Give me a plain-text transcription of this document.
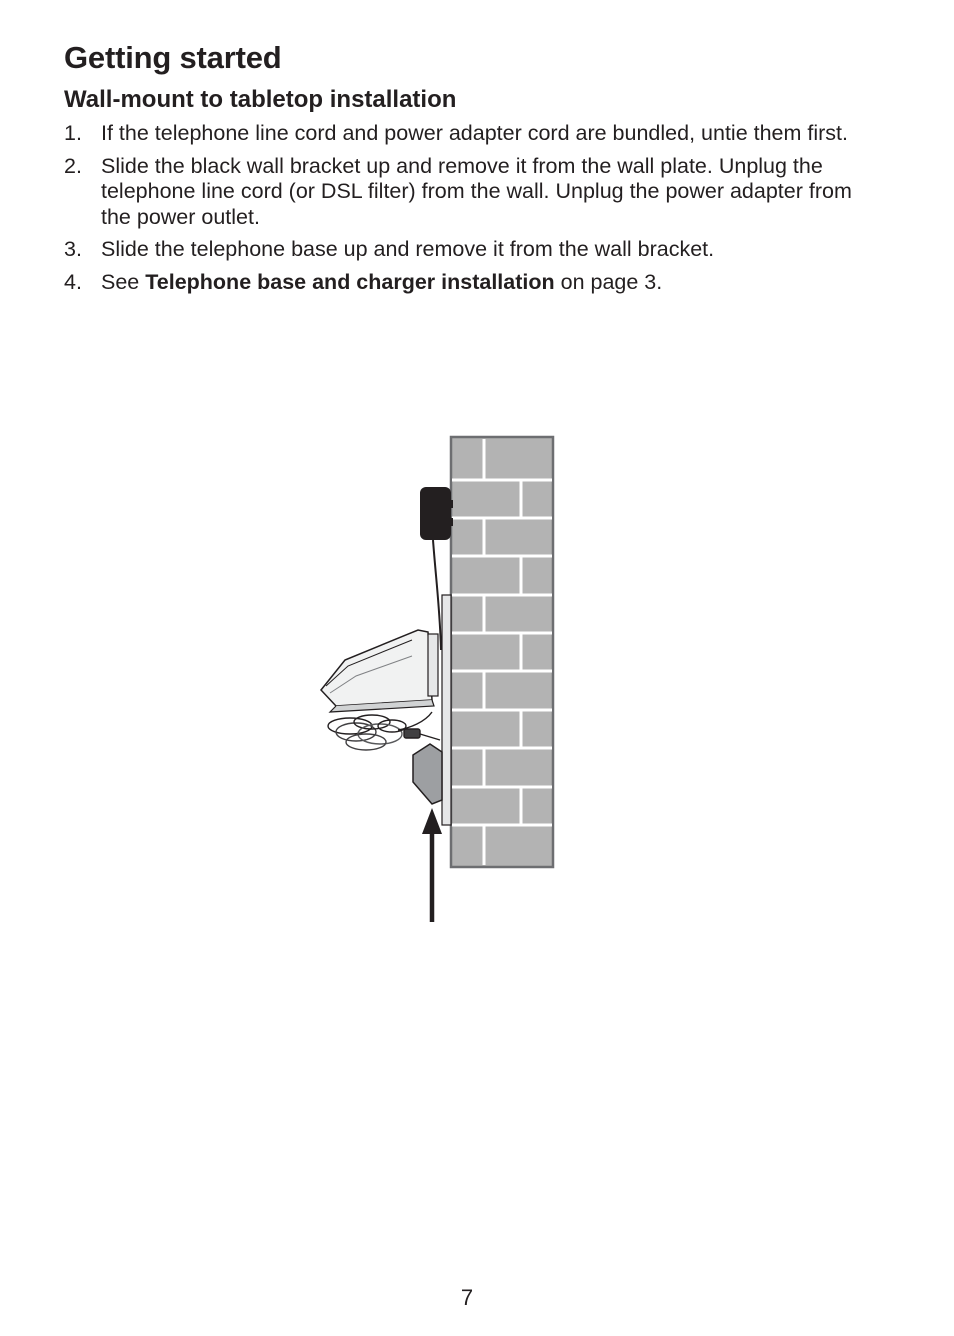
Getting started
Wall-mount to tabletop installation
1. If the telephone line cord and power adapter cord are bundled, untie them first.
2. Slide the black wall bracket up and remove it from the wall plate. Unplug the telephone line cord (or DSL filter) from the wall. Unplug the power adapter from the power outlet.
3. Slide the telephone base up and remove it from the wall bracket.
4. See Telephone base and charger installation on page 3.
7
